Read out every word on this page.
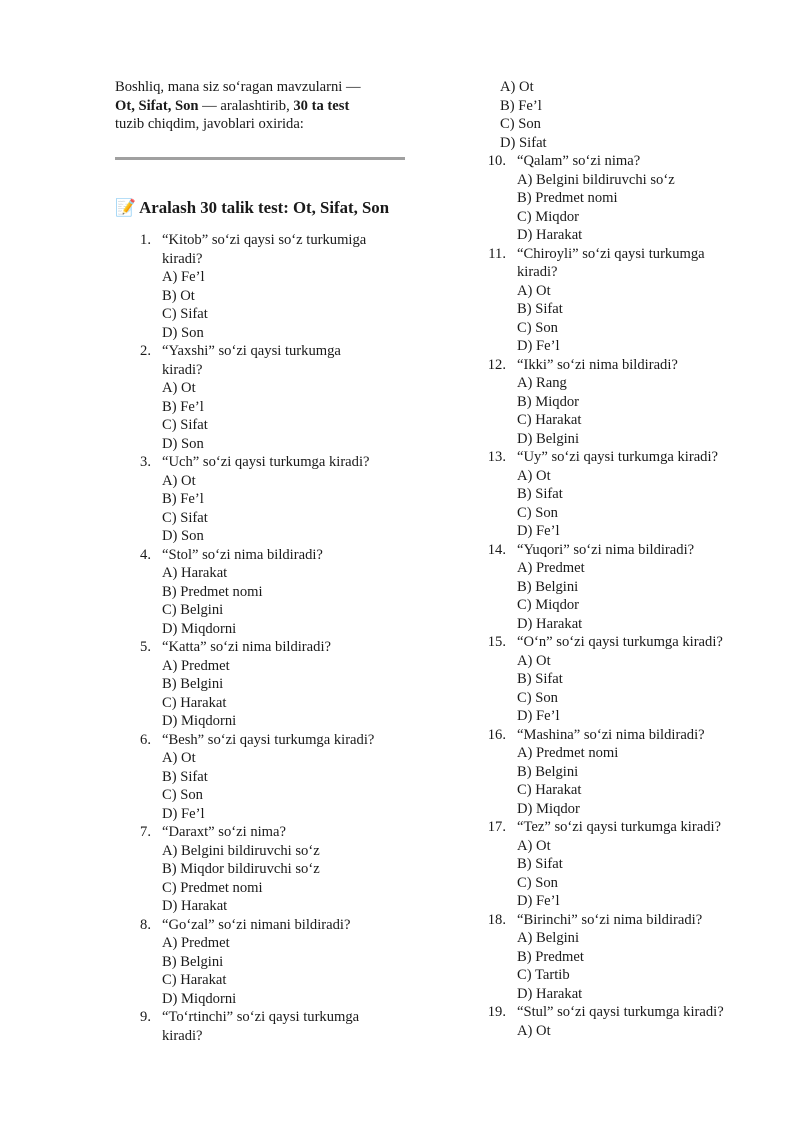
Boshliq, mana siz so‘ragan mavzularni —
Ot, Sifat, Son — aralashtirib, 30 ta test
tuzib chiqdim, javoblari oxirida:

📝 Aralash 30 talik test: Ot, Sifat, Son
1. “Kitob” so‘zi qaysi so‘z turkumiga
kiradi?
A) Fe’l
B) Ot
C) Sifat
D) Son
2. “Yaxshi” so‘zi qaysi turkumga
kiradi?
A) Ot
B) Fe’l
C) Sifat
D) Son
3. “Uch” so‘zi qaysi turkumga kiradi?
A) Ot
B) Fe’l
C) Sifat
D) Son
4. “Stol” so‘zi nima bildiradi?
A) Harakat
B) Predmet nomi
C) Belgini
D) Miqdorni
5. “Katta” so‘zi nima bildiradi?
A) Predmet
B) Belgini
C) Harakat
D) Miqdorni
6. “Besh” so‘zi qaysi turkumga kiradi?
A) Ot
B) Sifat
C) Son
D) Fe’l
7. “Daraxt” so‘zi nima?
A) Belgini bildiruvchi so‘z
B) Miqdor bildiruvchi so‘z
C) Predmet nomi
D) Harakat
8. “Go‘zal” so‘zi nimani bildiradi?
A) Predmet
B) Belgini
C) Harakat
D) Miqdorni
9. “To‘rtinchi” so‘zi qaysi turkumga
kiradi?
A) Ot
B) Fe’l
C) Son
D) Sifat
10. “Qalam” so‘zi nima?
A) Belgini bildiruvchi so‘z
B) Predmet nomi
C) Miqdor
D) Harakat
11. “Chiroyli” so‘zi qaysi turkumga
kiradi?
A) Ot
B) Sifat
C) Son
D) Fe’l
12. “Ikki” so‘zi nima bildiradi?
A) Rang
B) Miqdor
C) Harakat
D) Belgini
13. “Uy” so‘zi qaysi turkumga kiradi?
A) Ot
B) Sifat
C) Son
D) Fe’l
14. “Yuqori” so‘zi nima bildiradi?
A) Predmet
B) Belgini
C) Miqdor
D) Harakat
15. “O‘n” so‘zi qaysi turkumga kiradi?
A) Ot
B) Sifat
C) Son
D) Fe’l
16. “Mashina” so‘zi nima bildiradi?
A) Predmet nomi
B) Belgini
C) Harakat
D) Miqdor
17. “Tez” so‘zi qaysi turkumga kiradi?
A) Ot
B) Sifat
C) Son
D) Fe’l
18. “Birinchi” so‘zi nima bildiradi?
A) Belgini
B) Predmet
C) Tartib
D) Harakat
19. “Stul” so‘zi qaysi turkumga kiradi?
A) Ot
